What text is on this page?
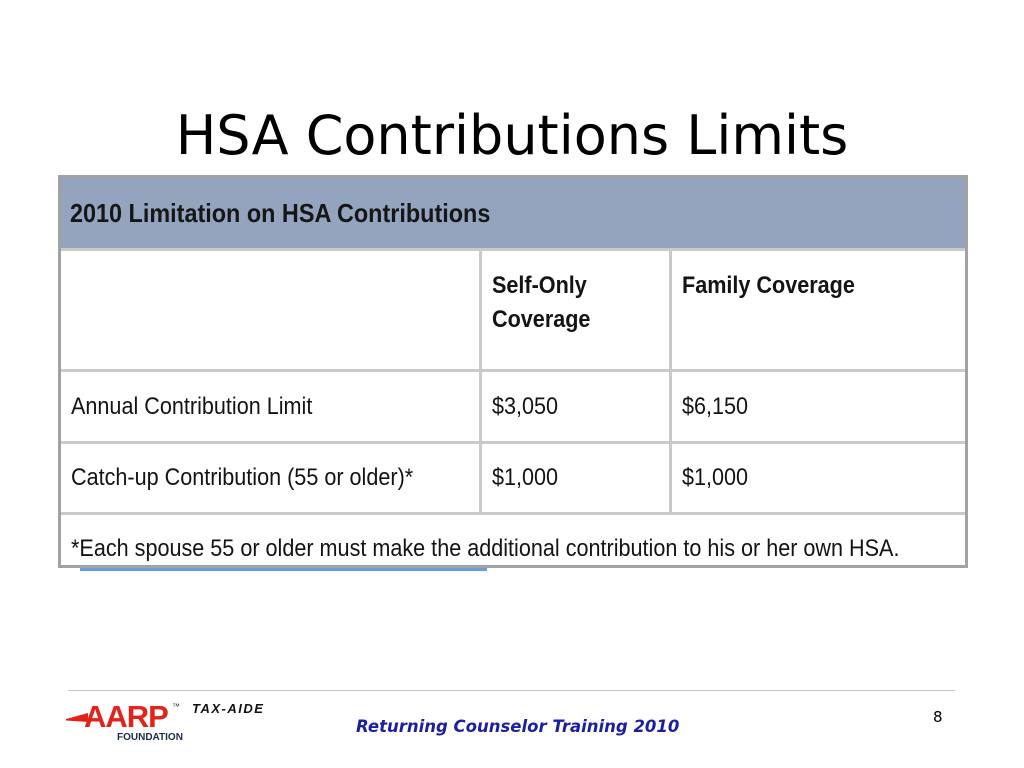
HSA Contributions Limits
2010 Limitation on HSA Contributions		
	Self-Only Coverage	Family Coverage
Annual Contribution Limit	$3,050	$6,150
Catch-up Contribution (55 or older)*	$1,000	$1,000
*Each spouse 55 or older must make the additional contribution to his or her own HSA.		
AARP ™
FOUNDATION
TAX-AIDE
Returning Counselor Training 2010	8
